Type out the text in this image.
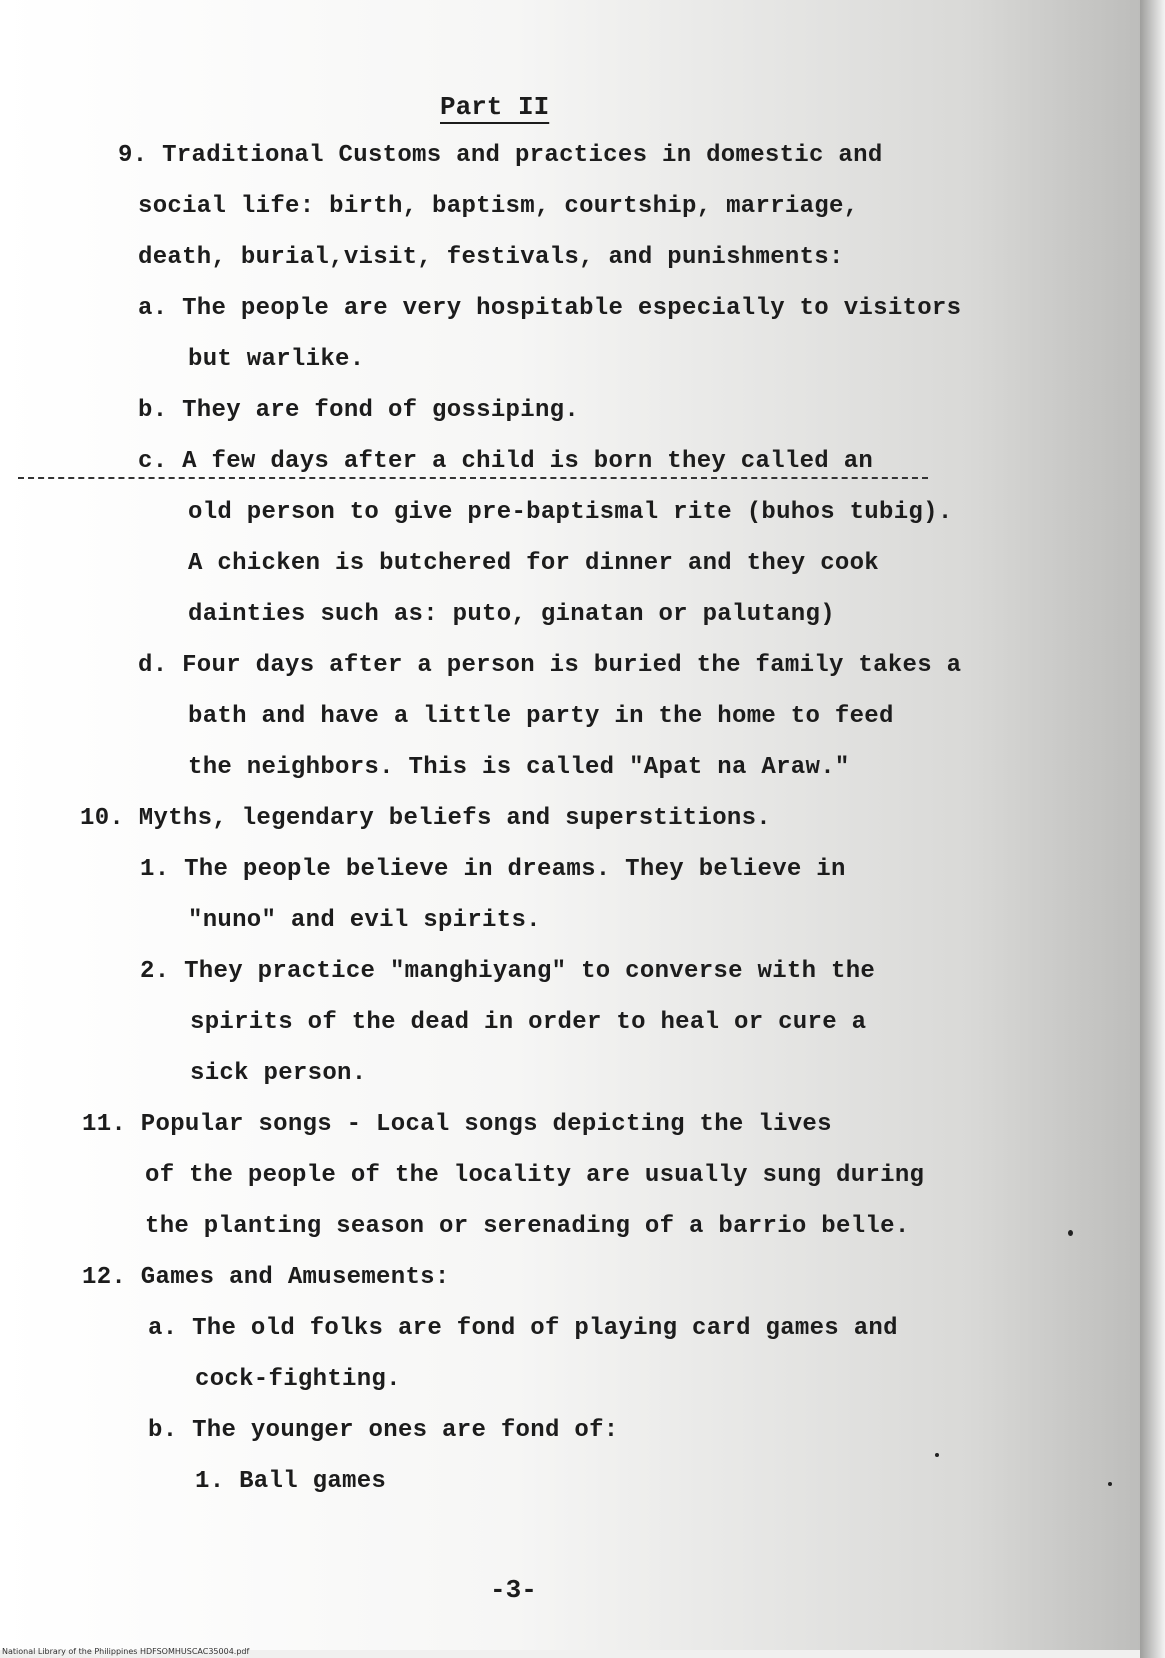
Part II
9. Traditional Customs and practices in domestic and
social life: birth, baptism, courtship, marriage,
death, burial,visit, festivals, and punishments:
a. The people are very hospitable especially to visitors
but warlike.
b. They are fond of gossiping.
c. A few days after a child is born they called an
old person to give pre-baptismal rite (buhos tubig).
A chicken is butchered for dinner and they cook
dainties such as: puto, ginatan or palutang)
d. Four days after a person is buried the family takes a
bath and have a little party in the home to feed
the neighbors. This is called "Apat na Araw."
10. Myths, legendary beliefs and superstitions.
1. The people believe in dreams. They believe in
"nuno" and evil spirits.
2. They practice "manghiyang" to converse with the
spirits of the dead in order to heal or cure a
sick person.
11. Popular songs - Local songs depicting the lives
of the people of the locality are usually sung during
the planting season or serenading of a barrio belle.
12. Games and Amusements:
a. The old folks are fond of playing card games and
cock-fighting.
b. The younger ones are fond of:
1. Ball games
-3-
National Library of the Philippines HDFSOMHUSCAC35004.pdf
